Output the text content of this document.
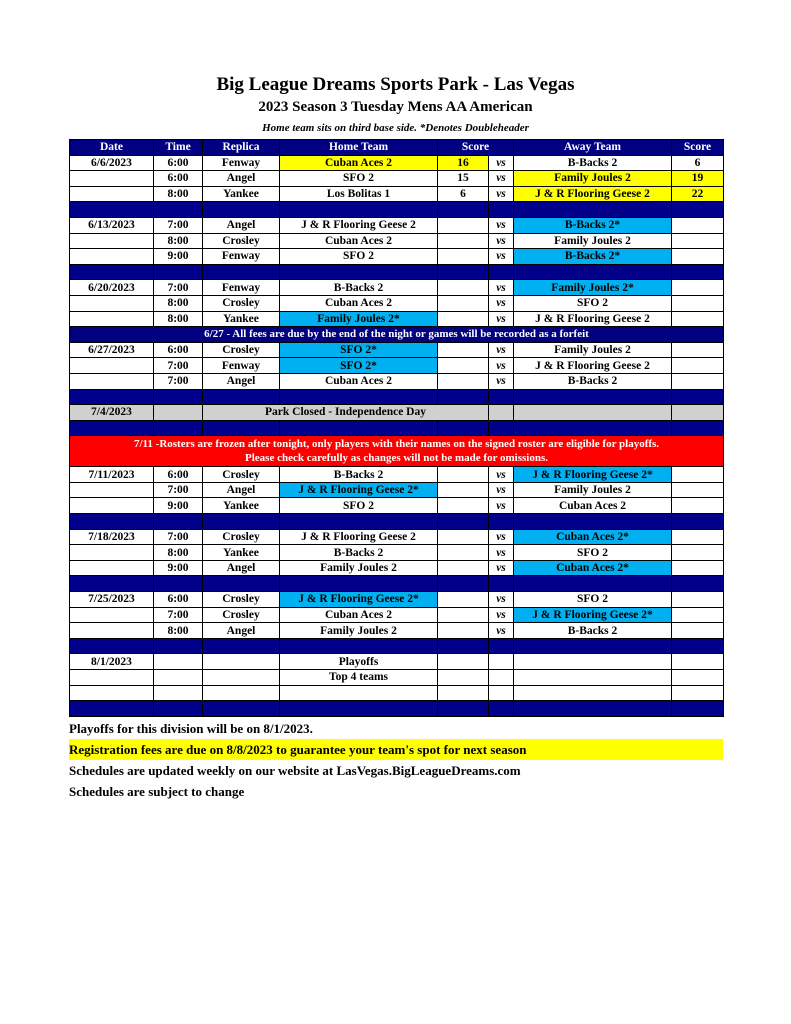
Big League Dreams Sports Park - Las Vegas
2023 Season 3 Tuesday Mens AA American
Home team sits on third base side. *Denotes Doubleheader
Date	Time	Replica	Home Team	Score		Away Team	Score
6/6/2023	6:00	Fenway	Cuban Aces 2	16	vs	B-Backs 2	6
	6:00	Angel	SFO 2	15	vs	Family Joules 2	19
	8:00	Yankee	Los Bolitas 1	6	vs	J & R Flooring Geese 2	22

6/13/2023	7:00	Angel	J & R Flooring Geese 2		vs	B-Backs 2*	
	8:00	Crosley	Cuban Aces 2		vs	Family Joules 2	
	9:00	Fenway	SFO 2		vs	B-Backs 2*	

6/20/2023	7:00	Fenway	B-Backs 2		vs	Family Joules 2*	
	8:00	Crosley	Cuban Aces 2		vs	SFO 2	
	8:00	Yankee	Family Joules 2*		vs	J & R Flooring Geese 2	
6/27 - All fees are due by the end of the night or games will be recorded as a forfeit							
6/27/2023	6:00	Crosley	SFO 2*		vs	Family Joules 2	
	7:00	Fenway	SFO 2*		vs	J & R Flooring Geese 2	
	7:00	Angel	Cuban Aces 2		vs	B-Backs 2	

7/4/2023		Park Closed - Independence Day					

7/11 -Rosters are frozen after tonight, only players with their names on the signed roster are eligible for playoffs.
Please check carefully as changes will not be made for omissions.							

7/11/2023	6:00	Crosley	B-Backs 2		vs	J & R Flooring Geese 2*	
	7:00	Angel	J & R Flooring Geese 2*		vs	Family Joules 2	
	9:00	Yankee	SFO 2		vs	Cuban Aces 2	

7/18/2023	7:00	Crosley	J & R Flooring Geese 2		vs	Cuban Aces 2*	
	8:00	Yankee	B-Backs 2		vs	SFO 2	
	9:00	Angel	Family Joules 2		vs	Cuban Aces 2*	

7/25/2023	6:00	Crosley	J & R Flooring Geese 2*		vs	SFO 2	
	7:00	Crosley	Cuban Aces 2		vs	J & R Flooring Geese 2*	
	8:00	Angel	Family Joules 2		vs	B-Backs 2	

8/1/2023			Playoffs				
			Top 4 teams				

Playoffs for this division will be on 8/1/2023.
Registration fees are due on 8/8/2023 to guarantee your team's spot for next season
Schedules are updated weekly on our website at LasVegas.BigLeagueDreams.com
Schedules are subject to change
